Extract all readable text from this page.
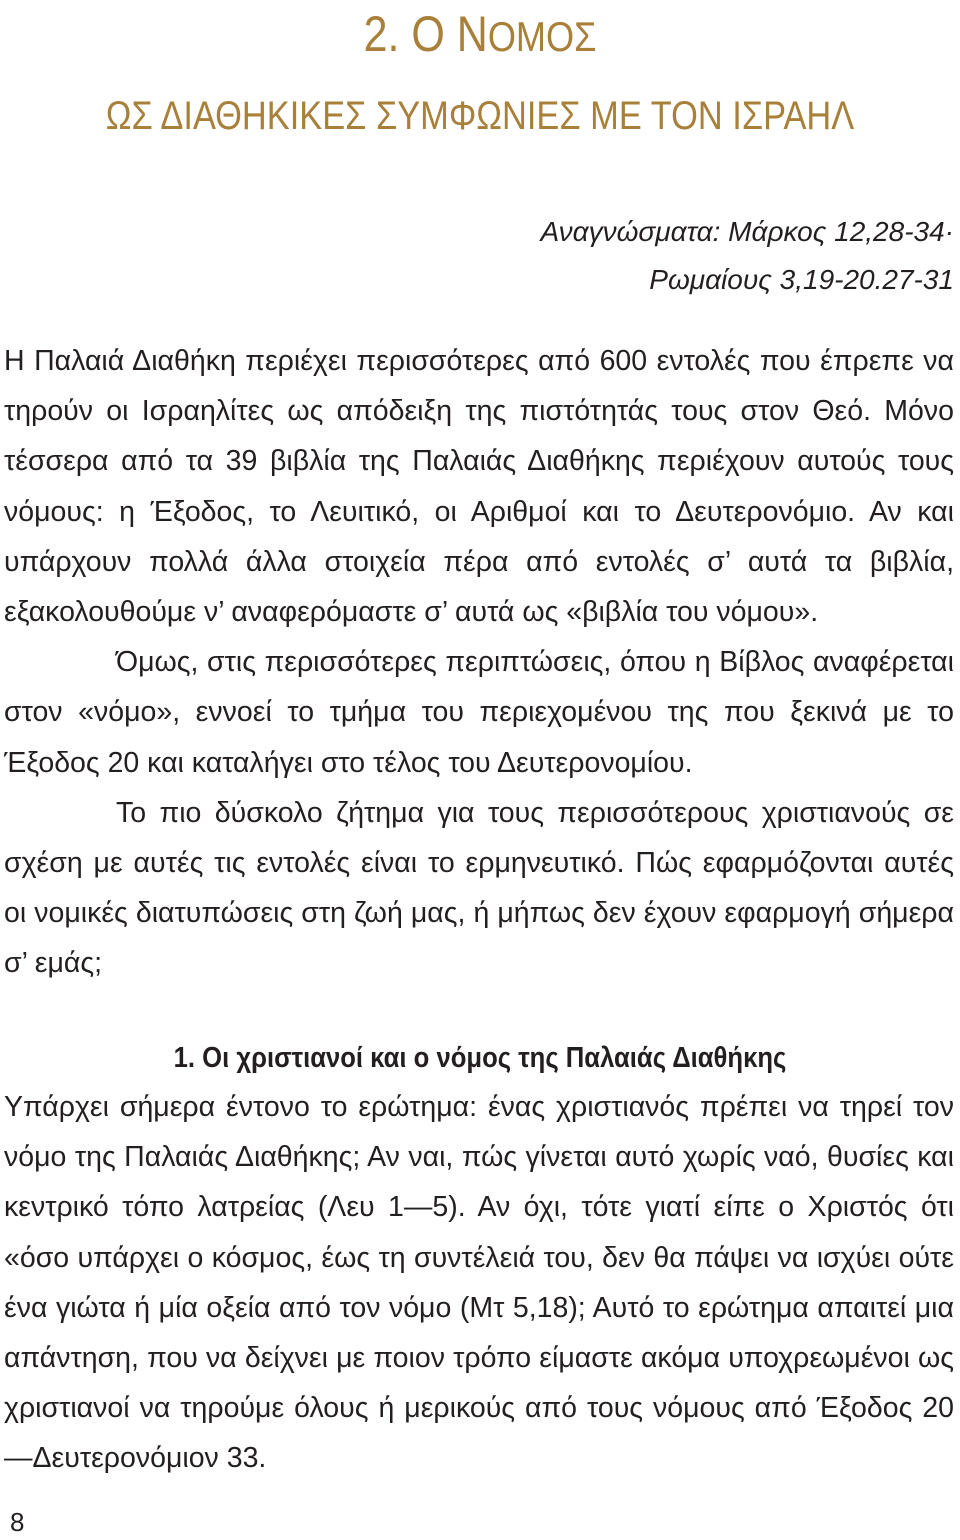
2. Ο ΝΟΜΟΣ
ΩΣ ΔΙΑΘΗΚΙΚΕΣ ΣΥΜΦΩΝΙΕΣ ΜΕ ΤΟΝ ΙΣΡΑΗΛ
Αναγνώσματα: Μάρκος 12,28-34·
Ρωμαίους 3,19-20.27-31

Η Παλαιά Διαθήκη περιέχει περισσότερες από 600 εντολές που έπρεπε να τηρούν οι Ισραηλίτες ως απόδειξη της πιστότητάς τους στον Θεό. Μόνο τέσσερα από τα 39 βιβλία της Παλαιάς Διαθήκης περιέχουν αυτούς τους νόμους: η Έξοδος, το Λευιτικό, οι Αριθμοί και το Δευτερονόμιο. Αν και υπάρχουν πολλά άλλα στοιχεία πέρα από εντολές σ’ αυτά τα βιβλία, εξακολουθούμε ν’ αναφερόμαστε σ’ αυτά ως «βιβλία του νόμου».

Όμως, στις περισσότερες περιπτώσεις, όπου η Βίβλος αναφέρεται στον «νόμο», εννοεί το τμήμα του περιεχομένου της που ξεκινά με το Έξοδος 20 και καταλήγει στο τέλος του Δευτερονομίου.

Το πιο δύσκολο ζήτημα για τους περισσότερους χριστιανούς σε σχέση με αυτές τις εντολές είναι το ερμηνευτικό. Πώς εφαρμόζονται αυτές οι νομικές διατυπώσεις στη ζωή μας, ή μήπως δεν έχουν εφαρμογή σήμερα σ’ εμάς;

1. Οι χριστιανοί και ο νόμος της Παλαιάς Διαθήκης

Υπάρχει σήμερα έντονο το ερώτημα: ένας χριστιανός πρέπει να τηρεί τον νόμο της Παλαιάς Διαθήκης; Αν ναι, πώς γίνεται αυτό χωρίς ναό, θυσίες και κεντρικό τόπο λατρείας (Λευ 1—5). Αν όχι, τότε γιατί είπε ο Χριστός ότι «όσο υπάρχει ο κόσμος, έως τη συντέλειά του, δεν θα πάψει να ισχύει ούτε ένα γιώτα ή μία οξεία από τον νόμο (Μτ 5,18); Αυτό το ερώτημα απαιτεί μια απάντηση, που να δείχνει με ποιον τρόπο είμαστε ακόμα υποχρεωμένοι ως χριστιανοί να τηρούμε όλους ή μερικούς από τους νόμους από Έξοδος 20—Δευτερονόμιον 33.

8
